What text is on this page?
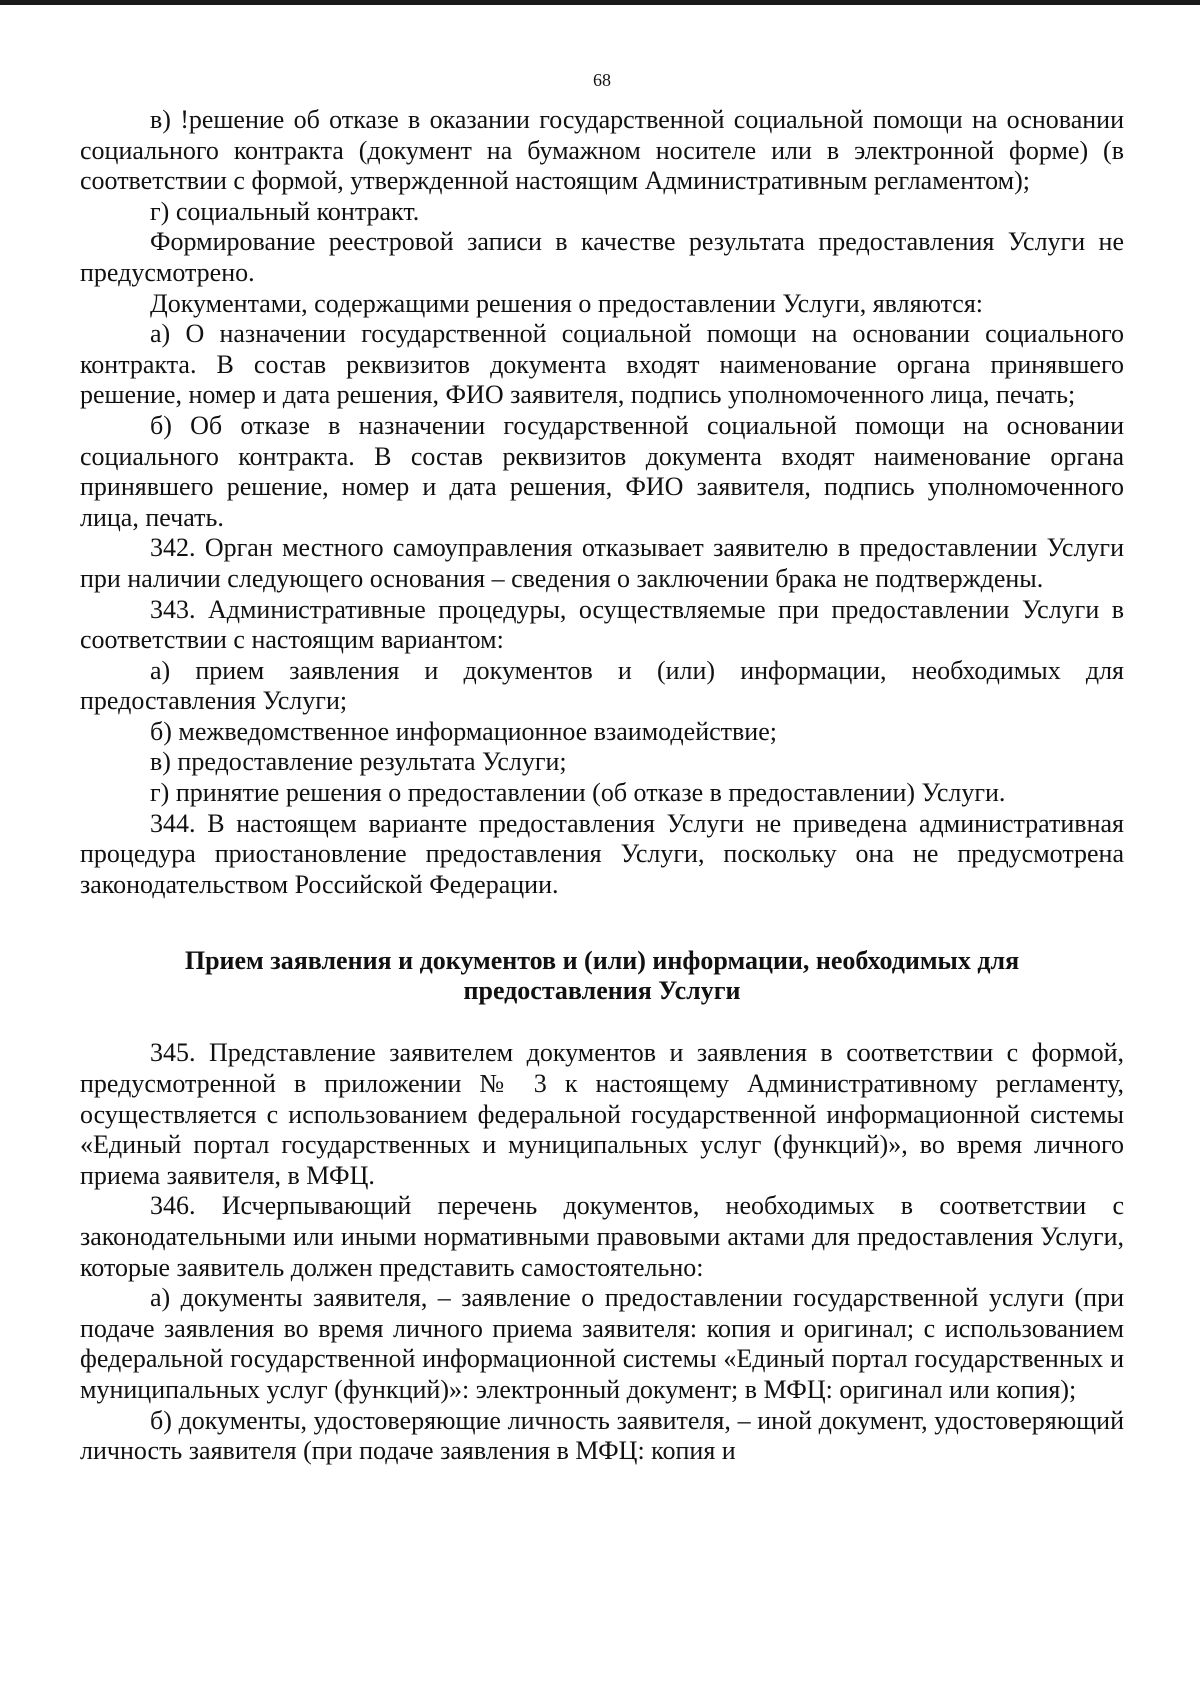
68

в) !решение об отказе в оказании государственной социальной помощи на основании социального контракта (документ на бумажном носителе или в электронной форме) (в соответствии с формой, утвержденной настоящим Административным регламентом);

г) социальный контракт.

Формирование реестровой записи в качестве результата предоставления Услуги не предусмотрено.

Документами, содержащими решения о предоставлении Услуги, являются:

а) О назначении государственной социальной помощи на основании социального контракта. В состав реквизитов документа входят наименование органа принявшего решение, номер и дата решения, ФИО заявителя, подпись уполномоченного лица, печать;

б) Об отказе в назначении государственной социальной помощи на основании социального контракта. В состав реквизитов документа входят наименование органа принявшего решение, номер и дата решения, ФИО заявителя, подпись уполномоченного лица, печать.

342. Орган местного самоуправления отказывает заявителю в предоставлении Услуги при наличии следующего основания – сведения о заключении брака не подтверждены.

343. Административные процедуры, осуществляемые при предоставлении Услуги в соответствии с настоящим вариантом:

а) прием заявления и документов и (или) информации, необходимых для предоставления Услуги;

б) межведомственное информационное взаимодействие;

в) предоставление результата Услуги;

г) принятие решения о предоставлении (об отказе в предоставлении) Услуги.

344. В настоящем варианте предоставления Услуги не приведена административная процедура приостановление предоставления Услуги, поскольку она не предусмотрена законодательством Российской Федерации.

Прием заявления и документов и (или) информации, необходимых для предоставления Услуги

345. Представление заявителем документов и заявления в соответствии с формой, предусмотренной в приложении № 3 к настоящему Административному регламенту, осуществляется с использованием федеральной государственной информационной системы «Единый портал государственных и муниципальных услуг (функций)», во время личного приема заявителя, в МФЦ.

346. Исчерпывающий перечень документов, необходимых в соответствии с законодательными или иными нормативными правовыми актами для предоставления Услуги, которые заявитель должен представить самостоятельно:

а) документы заявителя, – заявление о предоставлении государственной услуги (при подаче заявления во время личного приема заявителя: копия и оригинал; с использованием федеральной государственной информационной системы «Единый портал государственных и муниципальных услуг (функций)»: электронный документ; в МФЦ: оригинал или копия);

б) документы, удостоверяющие личность заявителя, – иной документ, удостоверяющий личность заявителя (при подаче заявления в МФЦ: копия и
